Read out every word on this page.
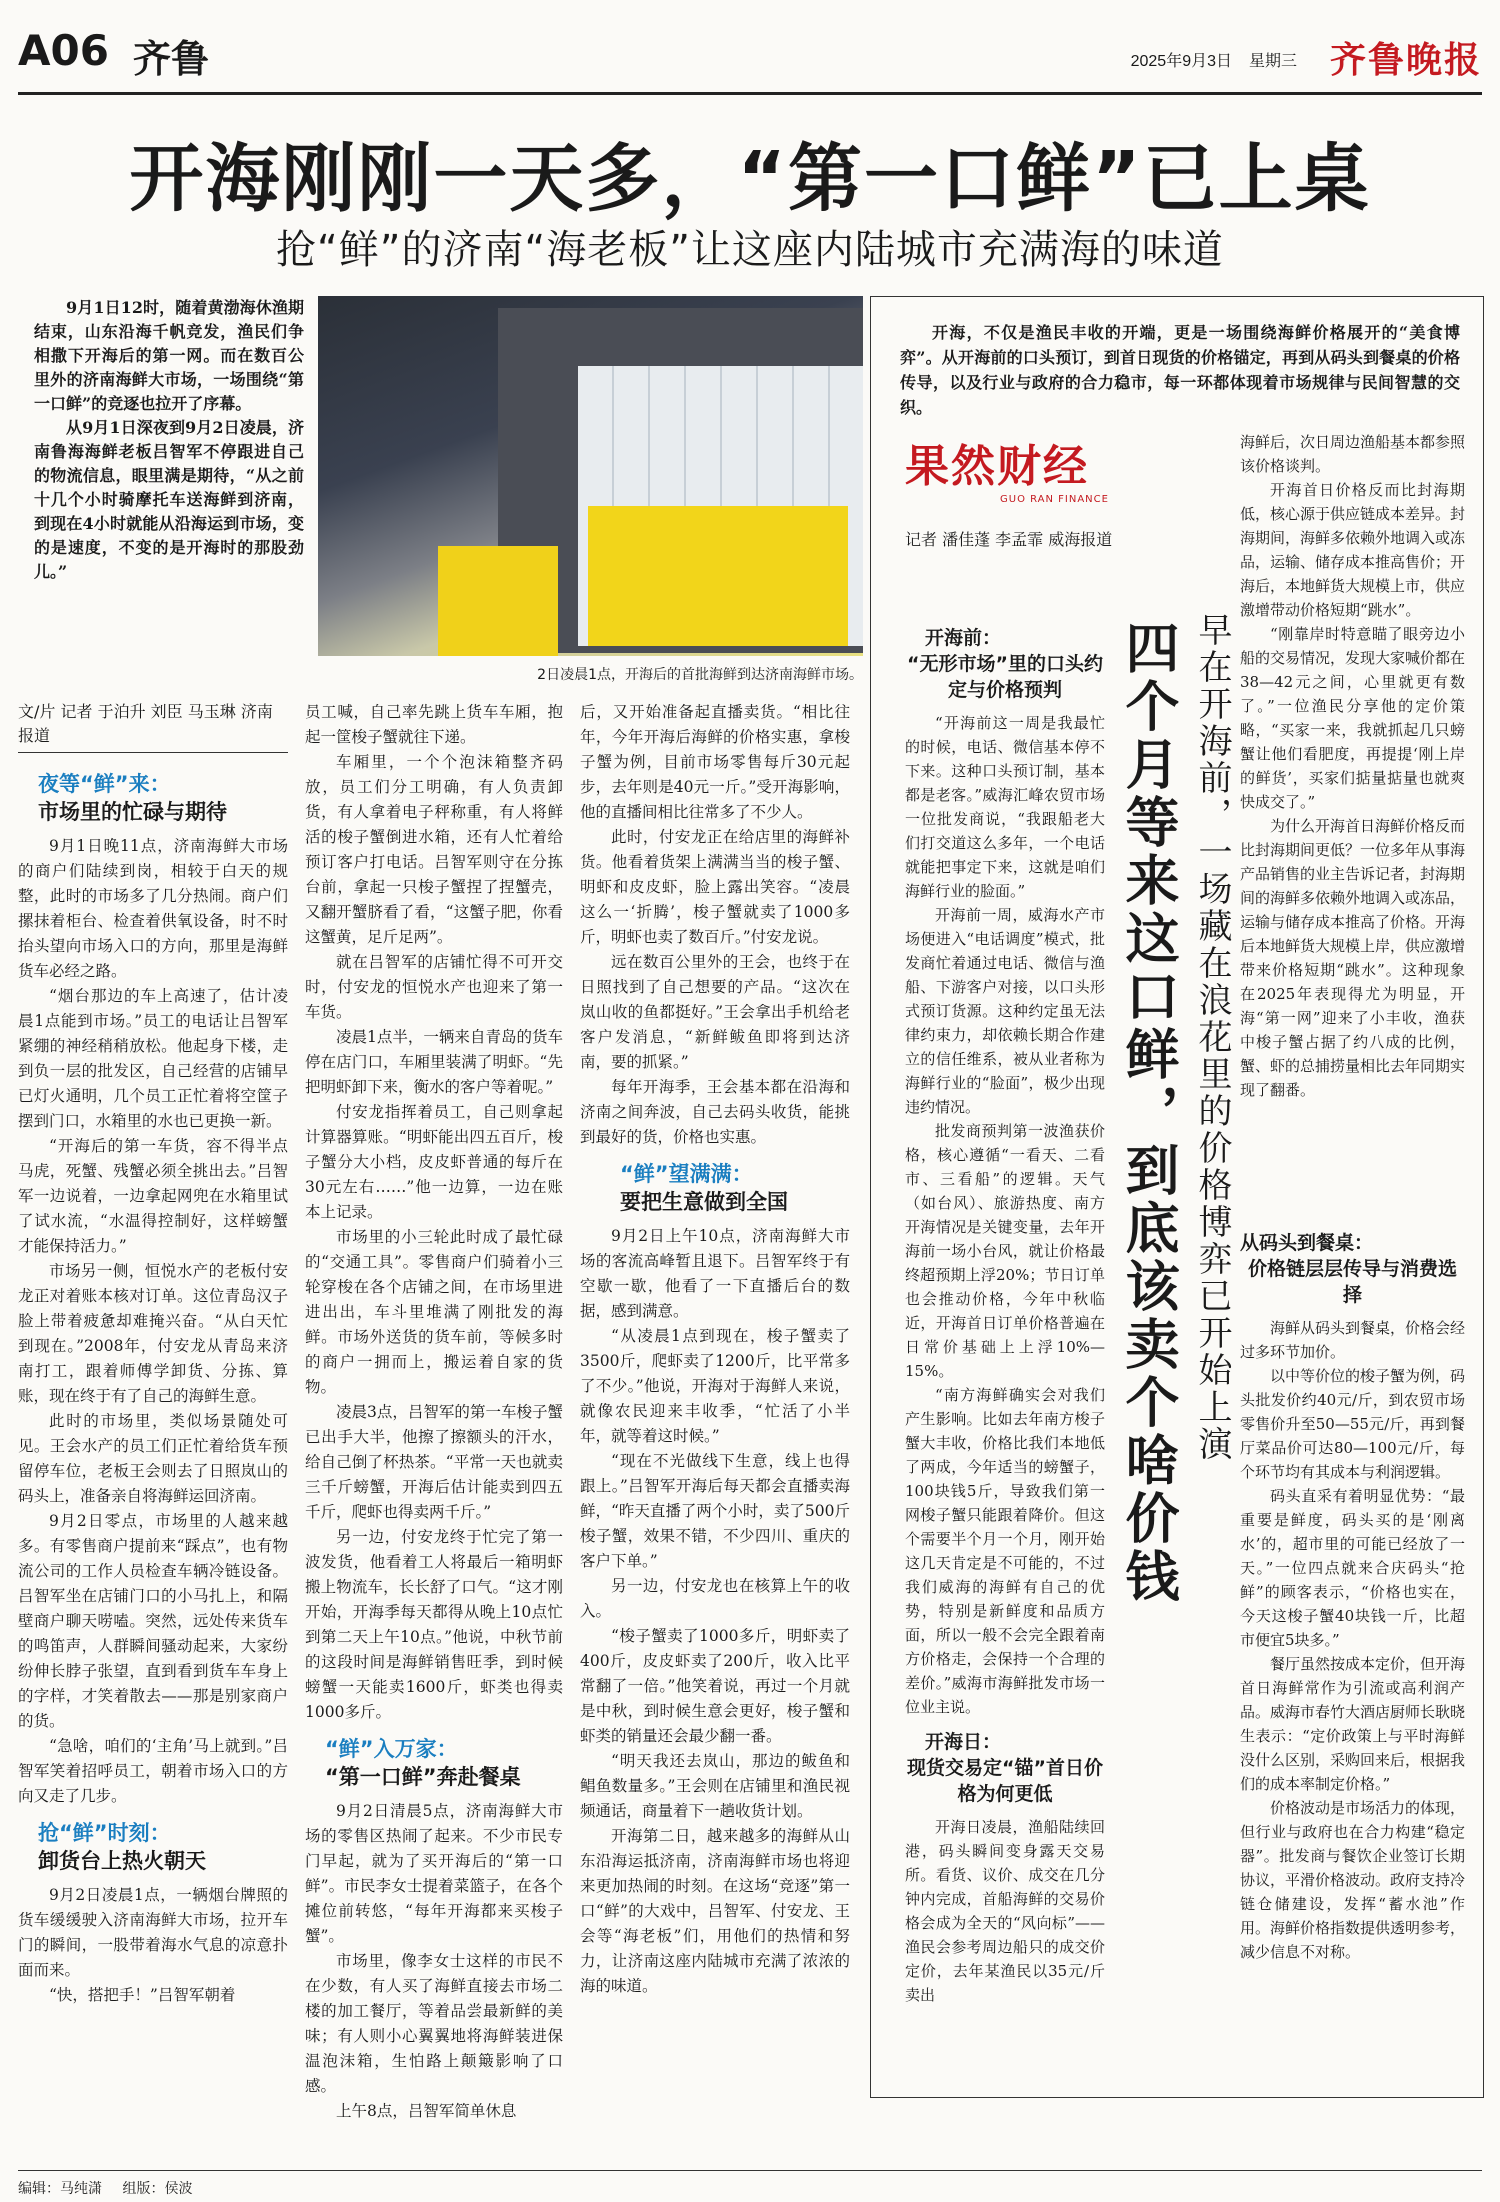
A06 齐鲁	2025年9月3日 星期三 齐鲁晚报
开海刚刚一天多，“第一口鲜”已上桌
抢“鲜”的济南“海老板”让这座内陆城市充满海的味道

9月1日12时，随着黄渤海休渔期结束，山东沿海千帆竞发，渔民们争相撒下开海后的第一网。而在数百公里外的济南海鲜大市场，一场围绕“第一口鲜”的竞逐也拉开了序幕。

从9月1日深夜到9月2日凌晨，济南鲁海海鲜老板吕智军不停跟进自己的物流信息，眼里满是期待，“从之前十几个小时骑摩托车送海鲜到济南，到现在4小时就能从沿海运到市场，变的是速度，不变的是开海时的那股劲儿。”

2日凌晨1点，开海后的首批海鲜到达济南海鲜市场。
文/片 记者 于泊升 刘臣 马玉琳 济南报道
夜等“鲜”来：
市场里的忙碌与期待

9月1日晚11点，济南海鲜大市场的商户们陆续到岗，相较于白天的规整，此时的市场多了几分热闹。商户们摞抹着柜台、检查着供氧设备，时不时抬头望向市场入口的方向，那里是海鲜货车必经之路。

“烟台那边的车上高速了，估计凌晨1点能到市场。”员工的电话让吕智军紧绷的神经稍稍放松。他起身下楼，走到负一层的批发区，自己经营的店铺早已灯火通明，几个员工正忙着将空筐子摆到门口，水箱里的水也已更换一新。

“开海后的第一车货，容不得半点马虎，死蟹、残蟹必须全挑出去。”吕智军一边说着，一边拿起网兜在水箱里试了试水流，“水温得控制好，这样螃蟹才能保持活力。”

市场另一侧，恒悦水产的老板付安龙正对着账本核对订单。这位青岛汉子脸上带着疲惫却难掩兴奋。“从白天忙到现在。”2008年，付安龙从青岛来济南打工，跟着师傅学卸货、分拣、算账，现在终于有了自己的海鲜生意。

此时的市场里，类似场景随处可见。王会水产的员工们正忙着给货车预留停车位，老板王会则去了日照岚山的码头上，准备亲自将海鲜运回济南。

9月2日零点，市场里的人越来越多。有零售商户提前来“踩点”，也有物流公司的工作人员检查车辆冷链设备。吕智军坐在店铺门口的小马扎上，和隔壁商户聊天唠嗑。突然，远处传来货车的鸣笛声，人群瞬间骚动起来，大家纷纷伸长脖子张望，直到看到货车车身上的字样，才笑着散去——那是别家商户的货。

“急啥，咱们的‘主角’马上就到。”吕智军笑着招呼员工，朝着市场入口的方向又走了几步。

抢“鲜”时刻：
卸货台上热火朝天

9月2日凌晨1点，一辆烟台牌照的货车缓缓驶入济南海鲜大市场，拉开车门的瞬间，一股带着海水气息的凉意扑面而来。

“快，搭把手！”吕智军朝着

员工喊，自己率先跳上货车车厢，抱起一筐梭子蟹就往下递。

车厢里，一个个泡沫箱整齐码放，员工们分工明确，有人负责卸货，有人拿着电子秤称重，有人将鲜活的梭子蟹倒进水箱，还有人忙着给预订客户打电话。吕智军则守在分拣台前，拿起一只梭子蟹捏了捏蟹壳，又翻开蟹脐看了看，“这蟹子肥，你看这蟹黄，足斤足两”。

就在吕智军的店铺忙得不可开交时，付安龙的恒悦水产也迎来了第一车货。

凌晨1点半，一辆来自青岛的货车停在店门口，车厢里装满了明虾。“先把明虾卸下来，衡水的客户等着呢。”

付安龙指挥着员工，自己则拿起计算器算账。“明虾能出四五百斤，梭子蟹分大小档，皮皮虾普通的每斤在30元左右……”他一边算，一边在账本上记录。

市场里的小三轮此时成了最忙碌的“交通工具”。零售商户们骑着小三轮穿梭在各个店铺之间，在市场里进进出出，车斗里堆满了刚批发的海鲜。市场外送货的货车前，等候多时的商户一拥而上，搬运着自家的货物。

凌晨3点，吕智军的第一车梭子蟹已出手大半，他擦了擦额头的汗水，给自己倒了杯热茶。“平常一天也就卖三千斤螃蟹，开海后估计能卖到四五千斤，爬虾也得卖两千斤。”

另一边，付安龙终于忙完了第一波发货，他看着工人将最后一箱明虾搬上物流车，长长舒了口气。“这才刚开始，开海季每天都得从晚上10点忙到第二天上午10点。”他说，中秋节前的这段时间是海鲜销售旺季，到时候螃蟹一天能卖1600斤，虾类也得卖1000多斤。

“鲜”入万家：
“第一口鲜”奔赴餐桌

9月2日清晨5点，济南海鲜大市场的零售区热闹了起来。不少市民专门早起，就为了买开海后的“第一口鲜”。市民李女士提着菜篮子，在各个摊位前转悠，“每年开海都来买梭子蟹”。

市场里，像李女士这样的市民不在少数，有人买了海鲜直接去市场二楼的加工餐厅，等着品尝最新鲜的美味；有人则小心翼翼地将海鲜装进保温泡沫箱，生怕路上颠簸影响了口感。

上午8点，吕智军简单休息

后，又开始准备起直播卖货。“相比往年，今年开海后海鲜的价格实惠，拿梭子蟹为例，目前市场零售每斤30元起步，去年则是40元一斤。”受开海影响，他的直播间相比往常多了不少人。

此时，付安龙正在给店里的海鲜补货。他看着货架上满满当当的梭子蟹、明虾和皮皮虾，脸上露出笑容。“凌晨这么一‘折腾’，梭子蟹就卖了1000多斤，明虾也卖了数百斤。”付安龙说。

远在数百公里外的王会，也终于在日照找到了自己想要的产品。“这次在岚山收的鱼都挺好。”王会拿出手机给老客户发消息，“新鲜鲅鱼即将到达济南，要的抓紧。”

每年开海季，王会基本都在沿海和济南之间奔波，自己去码头收货，能挑到最好的货，价格也实惠。

“鲜”望满满：
要把生意做到全国

9月2日上午10点，济南海鲜大市场的客流高峰暂且退下。吕智军终于有空歇一歇，他看了一下直播后台的数据，感到满意。

“从凌晨1点到现在，梭子蟹卖了3500斤，爬虾卖了1200斤，比平常多了不少。”他说，开海对于海鲜人来说，就像农民迎来丰收季，“忙活了小半年，就等着这时候。”

“现在不光做线下生意，线上也得跟上。”吕智军开海后每天都会直播卖海鲜，“昨天直播了两个小时，卖了500斤梭子蟹，效果不错，不少四川、重庆的客户下单。”

另一边，付安龙也在核算上午的收入。

“梭子蟹卖了1000多斤，明虾卖了400斤，皮皮虾卖了200斤，收入比平常翻了一倍。”他笑着说，再过一个月就是中秋，到时候生意会更好，梭子蟹和虾类的销量还会最少翻一番。

“明天我还去岚山，那边的鲅鱼和鲳鱼数量多。”王会则在店铺里和渔民视频通话，商量着下一趟收货计划。

开海第二日，越来越多的海鲜从山东沿海运抵济南，济南海鲜市场也将迎来更加热闹的时刻。在这场“竞逐”第一口“鲜”的大戏中，吕智军、付安龙、王会等“海老板”们，用他们的热情和努力，让济南这座内陆城市充满了浓浓的海的味道。

开海，不仅是渔民丰收的开端，更是一场围绕海鲜价格展开的“美食博弈”。从开海前的口头预订，到首日现货的价格锚定，再到从码头到餐桌的价格传导，以及行业与政府的合力稳市，每一环都体现着市场规律与民间智慧的交织。

果然财经
GUO RAN FINANCE
记者 潘佳蓬 李孟霏 威海报道
四个月等来这口鲜，到底该卖个啥价钱 早在开海前，一场藏在浪花里的价格博弈已开始上演
开海前：
“无形市场”里的口头约定与价格预判

“开海前这一周是我最忙的时候，电话、微信基本停不下来。这种口头预订制，基本都是老客。”威海汇峰农贸市场一位批发商说，“我跟船老大们打交道这么多年，一个电话就能把事定下来，这就是咱们海鲜行业的脸面。”

开海前一周，威海水产市场便进入“电话调度”模式，批发商忙着通过电话、微信与渔船、下游客户对接，以口头形式预订货源。这种约定虽无法律约束力，却依赖长期合作建立的信任维系，被从业者称为海鲜行业的“脸面”，极少出现违约情况。

批发商预判第一波渔获价格，核心遵循“一看天、二看市、三看船”的逻辑。天气（如台风）、旅游热度、南方开海情况是关键变量，去年开海前一场小台风，就让价格最终超预期上浮20%；节日订单也会推动价格，今年中秋临近，开海首日订单价格普遍在日常价基础上上浮10%—15%。

“南方海鲜确实会对我们产生影响。比如去年南方梭子蟹大丰收，价格比我们本地低了两成，今年适当的螃蟹子，100块钱5斤，导致我们第一网梭子蟹只能跟着降价。但这个需要半个月一个月，刚开始这几天肯定是不可能的，不过我们威海的海鲜有自己的优势，特别是新鲜度和品质方面，所以一般不会完全跟着南方价格走，会保持一个合理的差价。”威海市海鲜批发市场一位业主说。

开海日：
现货交易定“锚”首日价格为何更低

开海日凌晨，渔船陆续回港，码头瞬间变身露天交易所。看货、议价、成交在几分钟内完成，首船海鲜的交易价格会成为全天的“风向标”——渔民会参考周边船只的成交价定价，去年某渔民以35元/斤卖出

海鲜后，次日周边渔船基本都参照该价格谈判。

开海首日价格反而比封海期低，核心源于供应链成本差异。封海期间，海鲜多依赖外地调入或冻品，运输、储存成本推高售价；开海后，本地鲜货大规模上市，供应激增带动价格短期“跳水”。

“刚靠岸时特意瞄了眼旁边小船的交易情况，发现大家喊价都在38—42元之间，心里就更有数了。”一位渔民分享他的定价策略，“买家一来，我就抓起几只螃蟹让他们看肥度，再提提‘刚上岸的鲜货’，买家们掂量掂量也就爽快成交了。”

为什么开海首日海鲜价格反而比封海期间更低？一位多年从事海产品销售的业主告诉记者，封海期间的海鲜多依赖外地调入或冻品，运输与储存成本推高了价格。开海后本地鲜货大规模上岸，供应激增带来价格短期“跳水”。这种现象在2025年表现得尤为明显，开海“第一网”迎来了小丰收，渔获中梭子蟹占据了约八成的比例，蟹、虾的总捕捞量相比去年同期实现了翻番。

从码头到餐桌：
价格链层层传导与消费选择

海鲜从码头到餐桌，价格会经过多环节加价。

以中等价位的梭子蟹为例，码头批发价约40元/斤，到农贸市场零售价升至50—55元/斤，再到餐厅菜品价可达80—100元/斤，每个环节均有其成本与利润逻辑。

码头直采有着明显优势：“最重要是鲜度，码头买的是‘刚离水’的，超市里的可能已经放了一天。”一位四点就来合庆码头“抢鲜”的顾客表示，“价格也实在，今天这梭子蟹40块钱一斤，比超市便宜5块多。”

餐厅虽然按成本定价，但开海首日海鲜常作为引流或高利润产品。威海市春竹大酒店厨师长耿晓生表示：“定价政策上与平时海鲜没什么区别，采购回来后，根据我们的成本率制定价格。”

价格波动是市场活力的体现，但行业与政府也在合力构建“稳定器”。批发商与餐饮企业签订长期协议，平滑价格波动。政府支持冷链仓储建设，发挥“蓄水池”作用。海鲜价格指数提供透明参考，减少信息不对称。

编辑：马纯潇 组版：侯波
